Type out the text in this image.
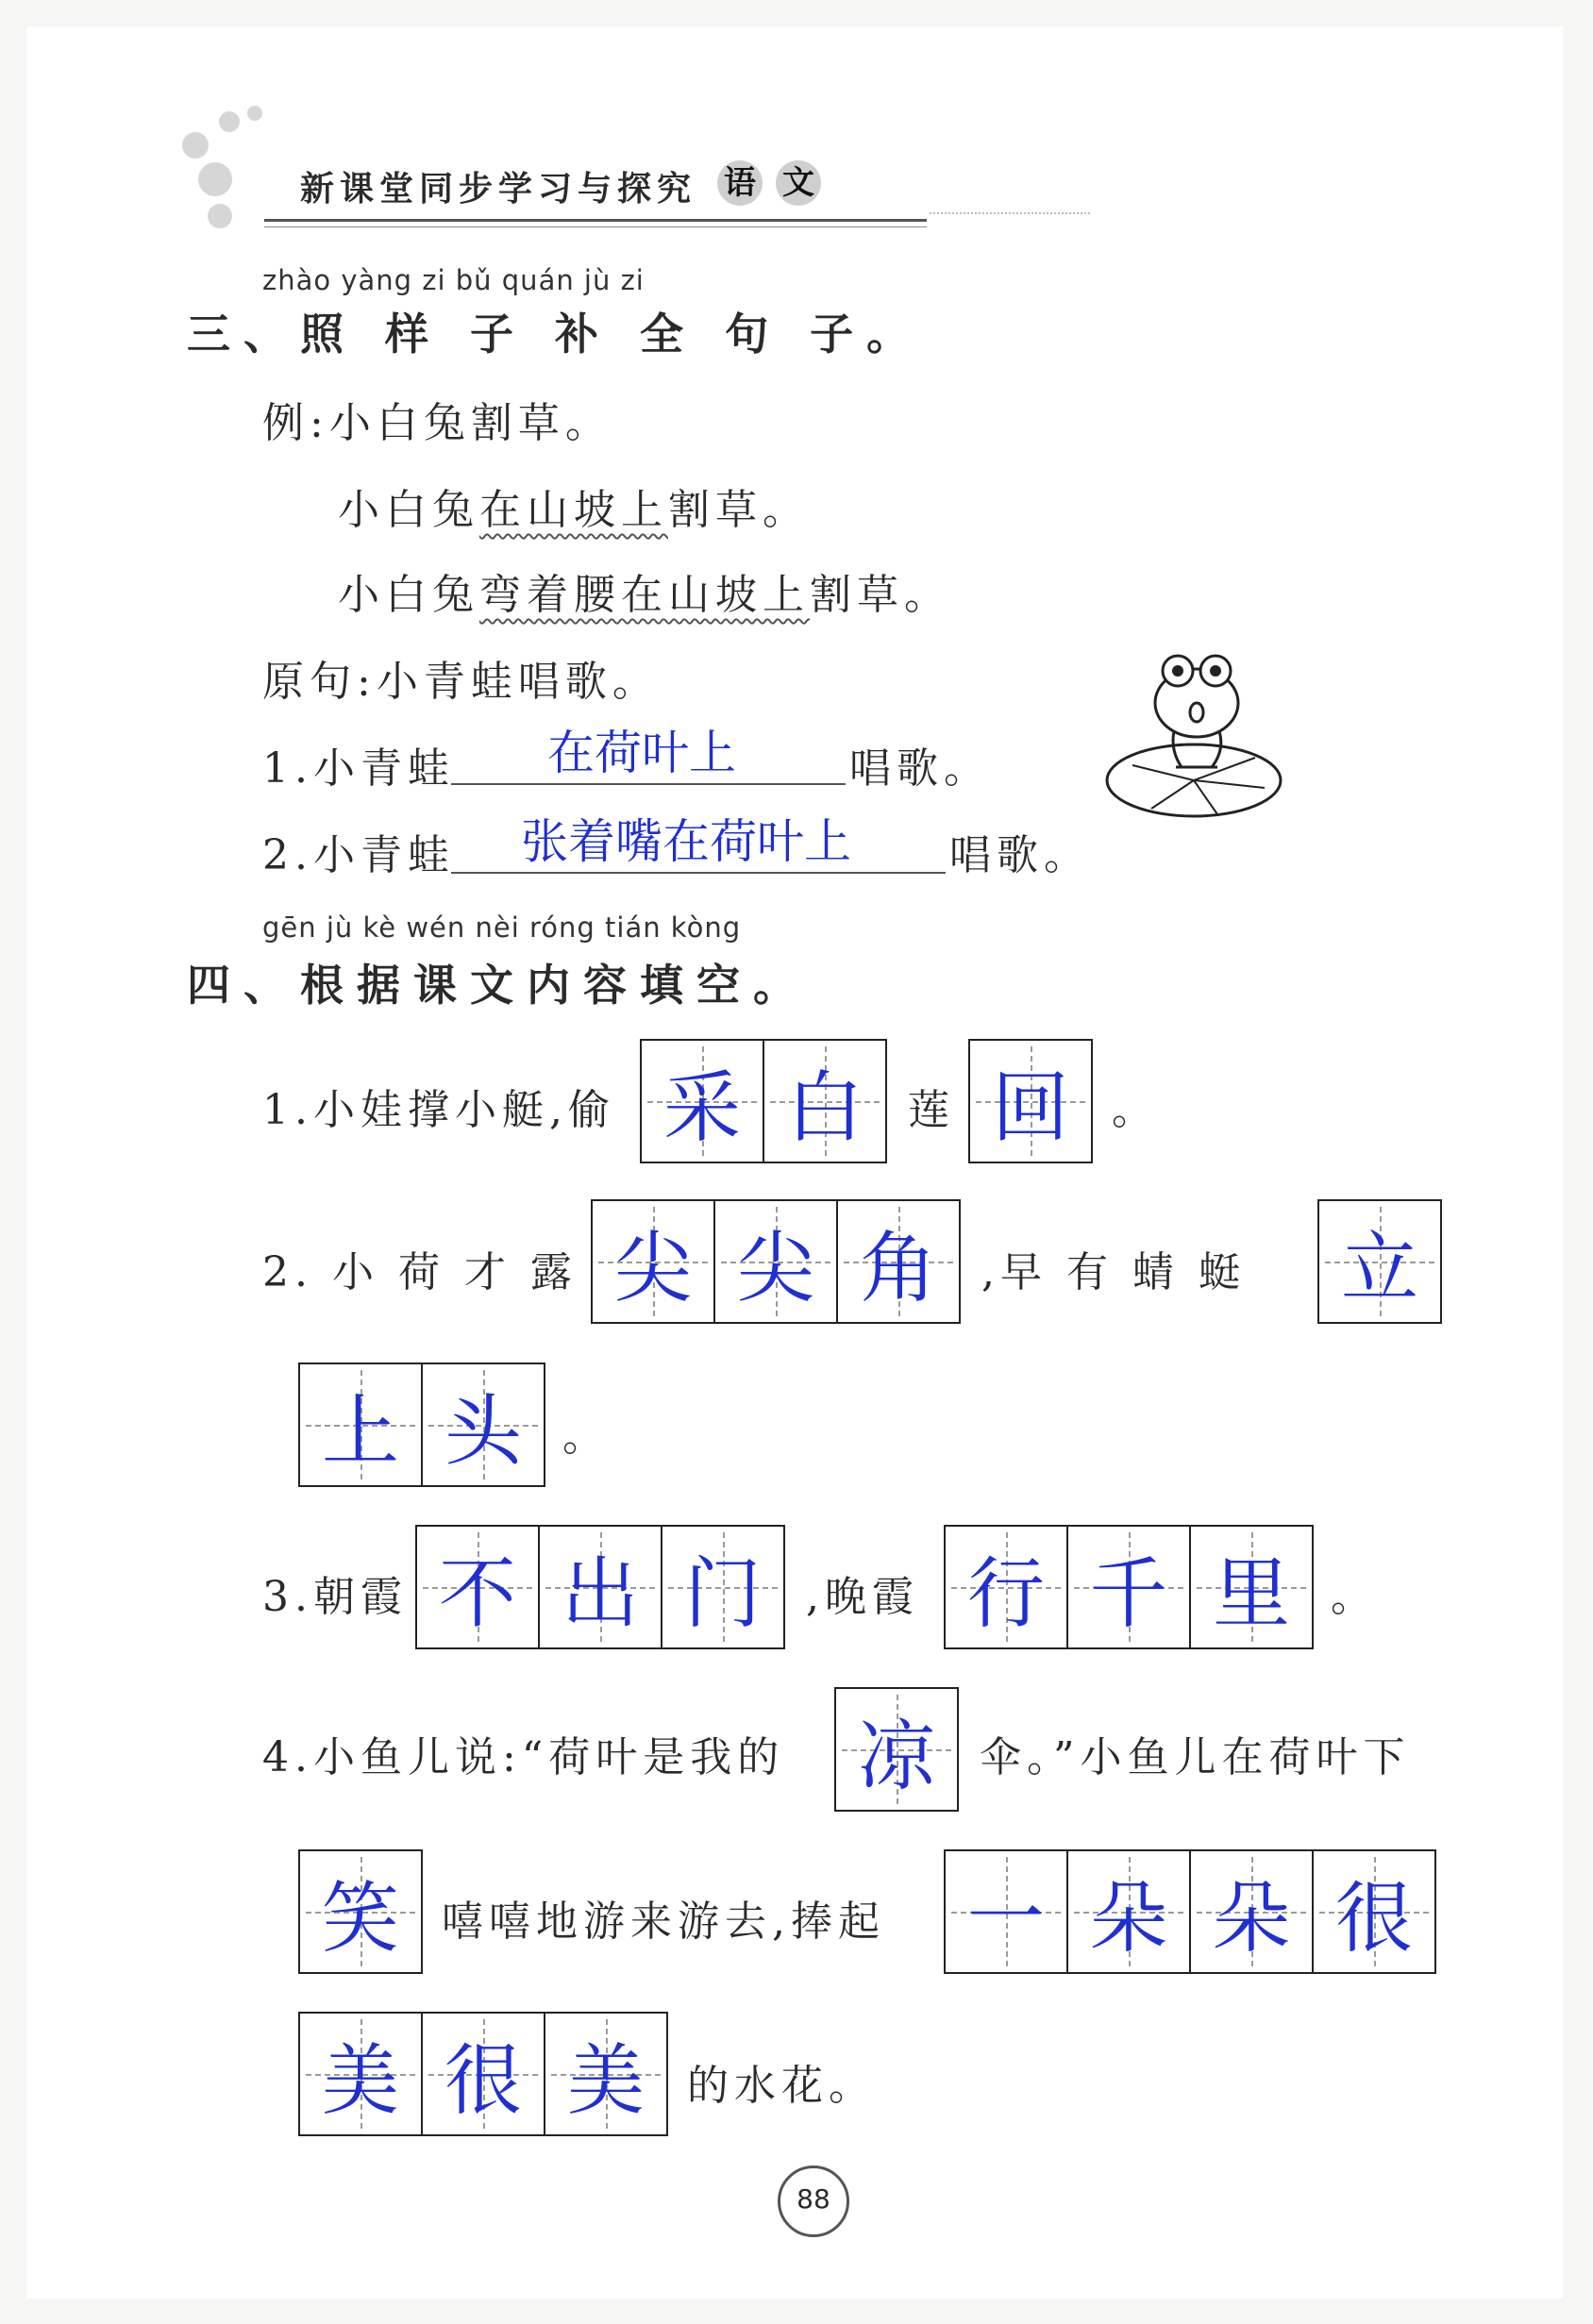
新课堂同步学习与探究 语 文
zhào yàng zi bǔ quán jù zi
三、照 样 子 补 全 句 子。
例:小白兔割草。
小白兔在山坡上割草。
小白兔弯着腰在山坡上割草。
原句:小青蛙唱歌。
1.小青蛙 在荷叶上	唱歌。
2.小青蛙 张着嘴在荷叶上 唱歌。
gēn jù kè wén nèi róng tián kòng
四、根据课文内容填空。
1.小娃撑小艇,偷 采 白 莲 回 。
2. 小 荷 才 露 尖 尖 角 ,早 有 蜻 蜓 立
上 头 。
3.朝霞 不 出 门 ,晚霞 行 千 里 。
4.小鱼儿说:“荷叶是我的 凉 伞。”小鱼儿在荷叶下
笑 嘻嘻地游来游去,捧起 一 朵 朵 很
美 很 美 的水花。
88
